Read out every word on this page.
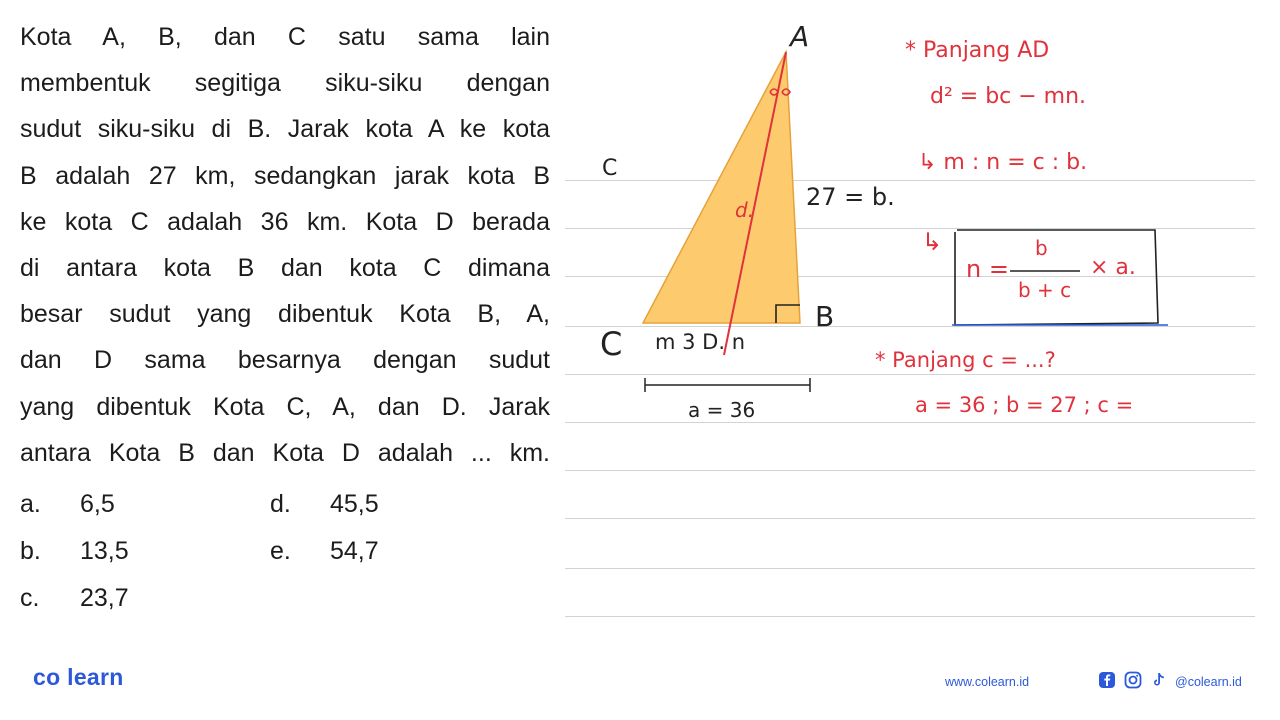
Kota A, B, dan C satu sama lain
membentuk segitiga siku-siku dengan
sudut siku-siku di B. Jarak kota A ke kota
B adalah 27 km, sedangkan jarak kota B
ke kota C adalah 36 km. Kota D berada
di antara kota B dan kota C dimana
besar sudut yang dibentuk Kota B, A,
dan D sama besarnya dengan sudut
yang dibentuk Kota C, A, dan D. Jarak
antara Kota B dan Kota D adalah ... km.
a. 6,5
b. 13,5
c. 23,7
d. 45,5
e. 54,7
A
B
C
C
27 = b.
d.
m 3 D. n
a = 36
* Panjang AD
d² = bc − mn.
↳ m : n = c : b.
↳
n =
b
b + c
× a.
* Panjang c = ...?
a = 36 ; b = 27 ; c =
co learn	www.colearn.id	@colearn.id
